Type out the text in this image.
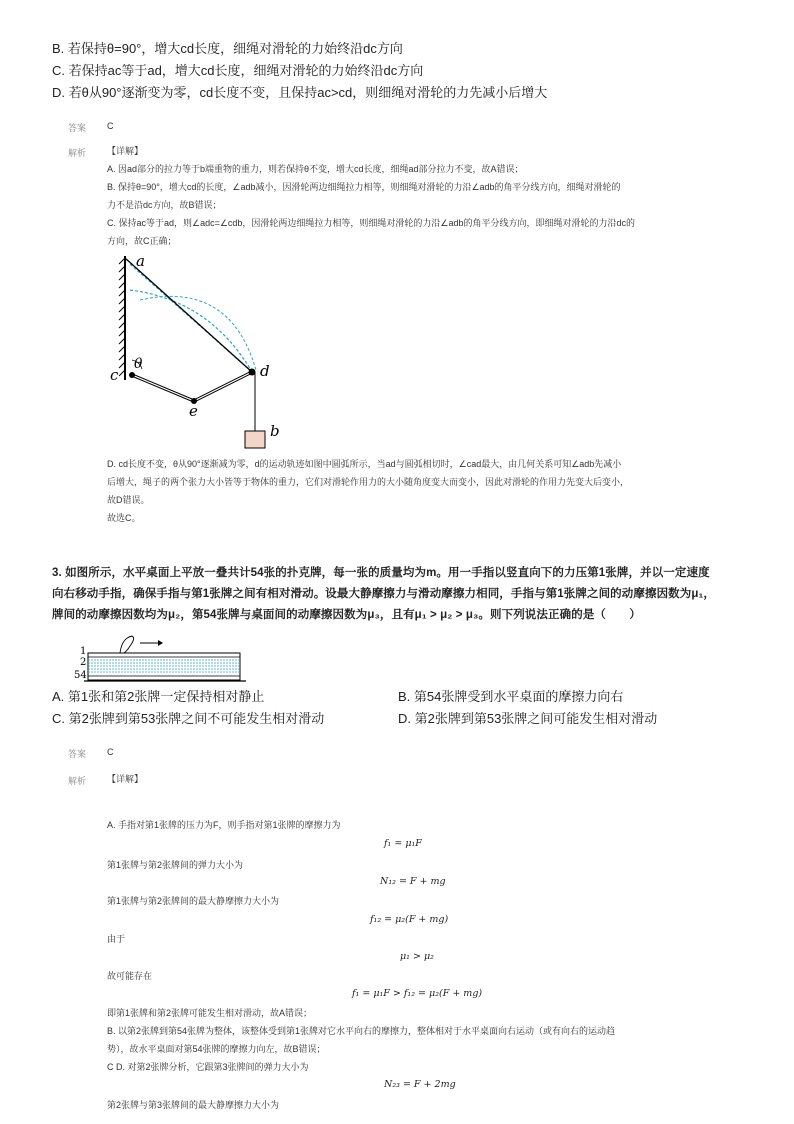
B. 若保持θ=90°，增大cd长度，细绳对滑轮的力始终沿dc方向
C. 若保持ac等于ad，增大cd长度，细绳对滑轮的力始终沿dc方向
D. 若θ从90°逐渐变为零，cd长度不变，且保持ac>cd，则细绳对滑轮的力先减小后增大
答案 C
解析 【详解】
A. 因ad部分的拉力等于b端重物的重力，则若保持θ不变，增大cd长度，细绳ad部分拉力不变，故A错误；
B. 保持θ=90°，增大cd的长度，∠adb减小，因滑轮两边细绳拉力相等，则细绳对滑轮的力沿∠adb的角平分线方向，细绳对滑轮的
力不是沿dc方向，故B错误；
C. 保持ac等于ad，则∠adc=∠cdb，因滑轮两边细绳拉力相等，则细绳对滑轮的力沿∠adb的角平分线方向，即细绳对滑轮的力沿dc的
方向，故C正确；
a
θ
c	d
e
b
D. cd长度不变，θ从90°逐渐减为零，d的运动轨迹如图中圆弧所示，当ad与圆弧相切时，∠cad最大，由几何关系可知∠adb先减小
后增大，绳子的两个张力大小皆等于物体的重力，它们对滑轮作用力的大小随角度变大而变小，因此对滑轮的作用力先变大后变小，
故D错误。
故选C。
3. 如图所示，水平桌面上平放一叠共计54张的扑克牌，每一张的质量均为m。用一手指以竖直向下的力压第1张牌，并以一定速度
向右移动手指，确保手指与第1张牌之间有相对滑动。设最大静摩擦力与滑动摩擦力相同，手指与第1张牌之间的动摩擦因数为μ₁，
牌间的动摩擦因数均为μ₂，第54张牌与桌面间的动摩擦因数为μ₃，且有μ₁ > μ₂ > μ₃。则下列说法正确的是（　　）
1
2
54
A. 第1张和第2张牌一定保持相对静止	B. 第54张牌受到水平桌面的摩擦力向右
C. 第2张牌到第53张牌之间不可能发生相对滑动	D. 第2张牌到第53张牌之间可能发生相对滑动
答案 C
解析 【详解】
A. 手指对第1张牌的压力为F，则手指对第1张牌的摩擦力为
f₁ = μ₁F
第1张牌与第2张牌间的弹力大小为
N₁₂ = F + mg
第1张牌与第2张牌间的最大静摩擦力大小为
f₁₂ = μ₂(F + mg)
由于
μ₁ > μ₂
故可能存在
f₁ = μ₁F > f₁₂ = μ₂(F + mg)
即第1张牌和第2张牌可能发生相对滑动，故A错误；
B. 以第2张牌到第54张牌为整体，该整体受到第1张牌对它水平向右的摩擦力，整体相对于水平桌面向右运动（或有向右的运动趋
势），故水平桌面对第54张牌的摩擦力向左，故B错误；
C D. 对第2张牌分析，它跟第3张牌间的弹力大小为
N₂₃ = F + 2mg
第2张牌与第3张牌间的最大静摩擦力大小为
